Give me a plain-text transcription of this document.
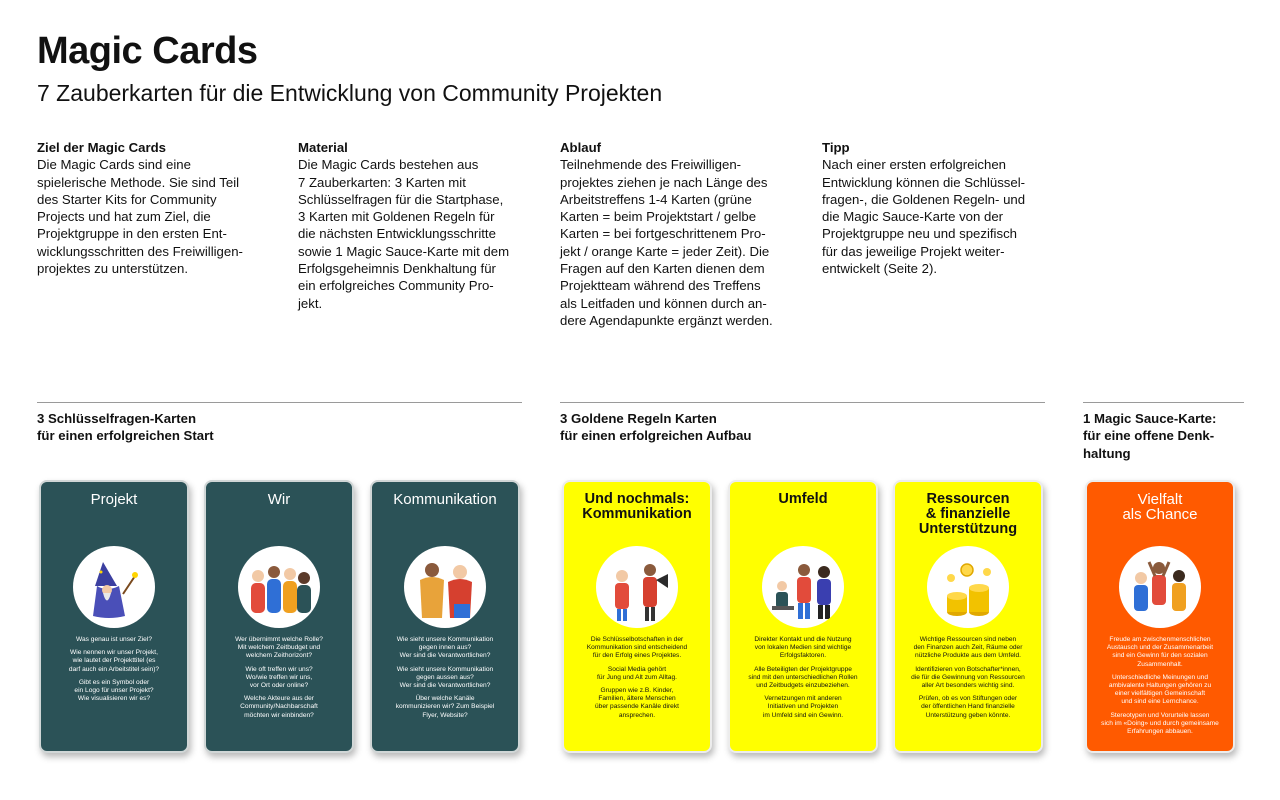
Magic Cards
7 Zauberkarten für die Entwicklung von Community Projekten
Ziel der Magic Cards

Die Magic Cards sind eine
spielerische Methode. Sie sind Teil
des Starter Kits for Community
Projects und hat zum Ziel, die
Projektgruppe in den ersten Ent-
wicklungsschritten des Freiwilligen-
projektes zu unterstützen.

Material

Die Magic Cards bestehen aus
7 Zauberkarten: 3 Karten mit
Schlüsselfragen für die Startphase,
3 Karten mit Goldenen Regeln für
die nächsten Entwicklungsschritte
sowie 1 Magic Sauce-Karte mit dem
Erfolgsgeheimnis Denkhaltung für
ein erfolgreiches Community Pro-
jekt.

Ablauf

Teilnehmende des Freiwilligen-
projektes ziehen je nach Länge des
Arbeitstreffens 1-4 Karten (grüne
Karten = beim Projektstart / gelbe
Karten = bei fortgeschrittenem Pro-
jekt / orange Karte = jeder Zeit). Die
Fragen auf den Karten dienen dem
Projektteam während des Treffens
als Leitfaden und können durch an-
dere Agendapunkte ergänzt werden.

Tipp

Nach einer ersten erfolgreichen
Entwicklung können die Schlüssel-
fragen-, die Goldenen Regeln- und
die Magic Sauce-Karte von der
Projektgruppe neu und spezifisch
für das jeweilige Projekt weiter-
entwickelt (Seite 2).

3 Schlüsselfragen-Karten
für einen erfolgreichen Start
3 Goldene Regeln Karten
für einen erfolgreichen Aufbau
1 Magic Sauce-Karte:
für eine offene Denk-
haltung
Projekt

Was genau ist unser Ziel?

Wie nennen wir unser Projekt,
wie lautet der Projekttitel (es
darf auch ein Arbeitstitel sein)?

Gibt es ein Symbol oder
ein Logo für unser Projekt?
Wie visualisieren wir es?

Wir

Wer übernimmt welche Rolle?
Mit welchem Zeitbudget und
welchem Zeithorizont?

Wie oft treffen wir uns?
Wo/wie treffen wir uns,
vor Ort oder online?

Welche Akteure aus der
Community/Nachbarschaft
möchten wir einbinden?

Kommunikation

Wie sieht unsere Kommunikation
gegen innen aus?
Wer sind die Verantwortlichen?

Wie sieht unsere Kommunikation
gegen aussen aus?
Wer sind die Verantwortlichen?

Über welche Kanäle
kommunizieren wir? Zum Beispiel
Flyer, Website?

Und nochmals:
Kommunikation

Die Schlüsselbotschaften in der
Kommunikation sind entscheidend
für den Erfolg eines Projektes.

Social Media gehört
für Jung und Alt zum Alltag.

Gruppen wie z.B. Kinder,
Familien, ältere Menschen
über passende Kanäle direkt
ansprechen.

Umfeld

Direkter Kontakt und die Nutzung
von lokalen Medien sind wichtige
Erfolgsfaktoren.

Alle Beteiligten der Projektgruppe
sind mit den unterschiedlichen Rollen
und Zeitbudgets einzubeziehen.

Vernetzungen mit anderen
Initiativen und Projekten
im Umfeld sind ein Gewinn.

Ressourcen
& finanzielle
Unterstützung

Wichtige Ressourcen sind neben
den Finanzen auch Zeit, Räume oder
nützliche Produkte aus dem Umfeld.

Identifizieren von Botschafter*innen,
die für die Gewinnung von Ressourcen
aller Art besonders wichtig sind.

Prüfen, ob es von Stiftungen oder
der öffentlichen Hand finanzielle
Unterstützung geben könnte.

Vielfalt
als Chance

Freude am zwischenmenschlichen
Austausch und der Zusammenarbeit
sind ein Gewinn für den sozialen
Zusammenhalt.

Unterschiedliche Meinungen und
ambivalente Haltungen gehören zu
einer vielfältigen Gemeinschaft
und sind eine Lernchance.

Stereotypen und Vorurteile lassen
sich im «Doing» und durch gemeinsame
Erfahrungen abbauen.
